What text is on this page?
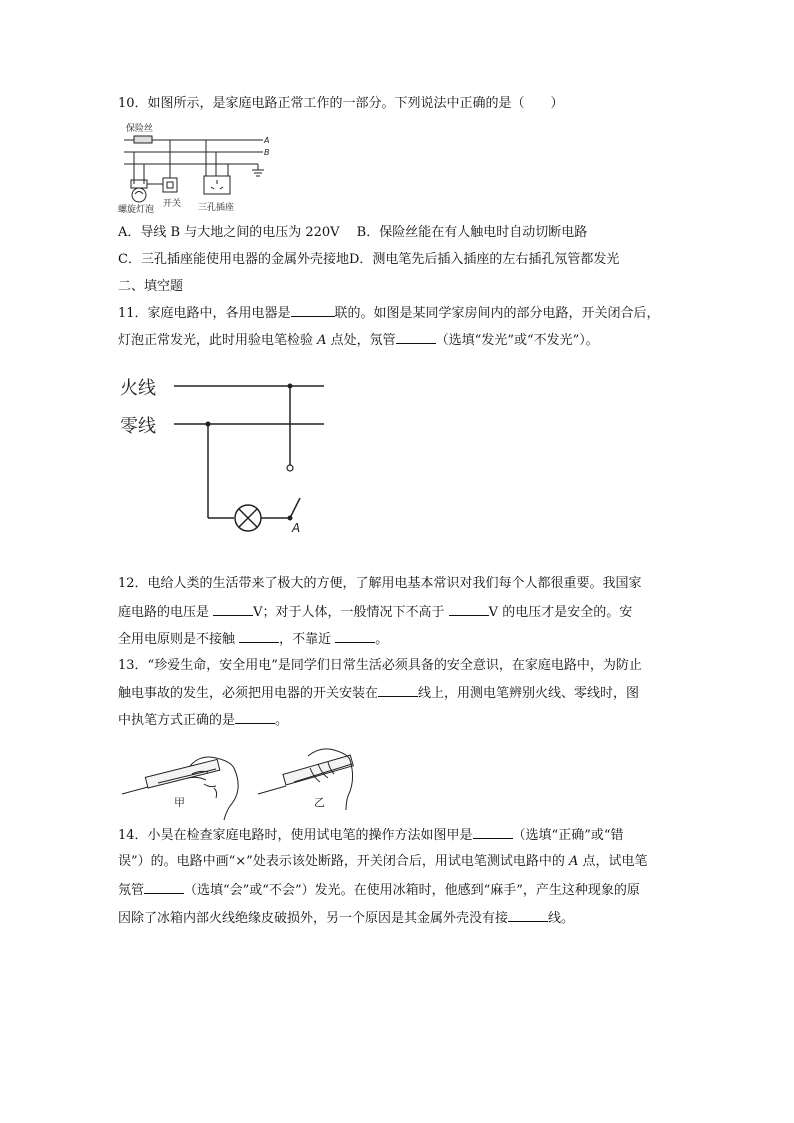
10．如图所示，是家庭电路正常工作的一部分。下列说法中正确的是（　　）
保险丝
A
B
螺旋灯泡
开关 三孔插座
A．导线 B 与大地之间的电压为 220V　 B．保险丝能在有人触电时自动切断电路
C．三孔插座能使用电器的金属外壳接地D．测电笔先后插入插座的左右插孔氖管都发光
二、填空题
11．家庭电路中，各用电器是	联的。如图是某同学家房间内的部分电路，开关闭合后，
灯泡正常发光，此时用验电笔检验 A 点处，氖管	（选填“发光”或“不发光”）。
火线
零线
A
12．电给人类的生活带来了极大的方便，了解用电基本常识对我们每个人都很重要。我国家
庭电路的电压是	V；对于人体，一般情况下不高于	V 的电压才是安全的。安
全用电原则是不接触	，不靠近	。
13．“珍爱生命，安全用电”是同学们日常生活必须具备的安全意识，在家庭电路中，为防止
触电事故的发生，必须把用电器的开关安装在	线上，用测电笔辨别火线、零线时，图
中执笔方式正确的是	。
甲	乙
14．小昊在检查家庭电路时，使用试电笔的操作方法如图甲是	（选填“正确”或“错
误”）的。电路中画“×”处表示该处断路，开关闭合后，用试电笔测试电路中的 A 点，试电笔
氖管	（选填“会”或“不会”）发光。在使用冰箱时，他感到“麻手”，产生这种现象的原
因除了冰箱内部火线绝缘皮破损外，另一个原因是其金属外壳没有接	线。
